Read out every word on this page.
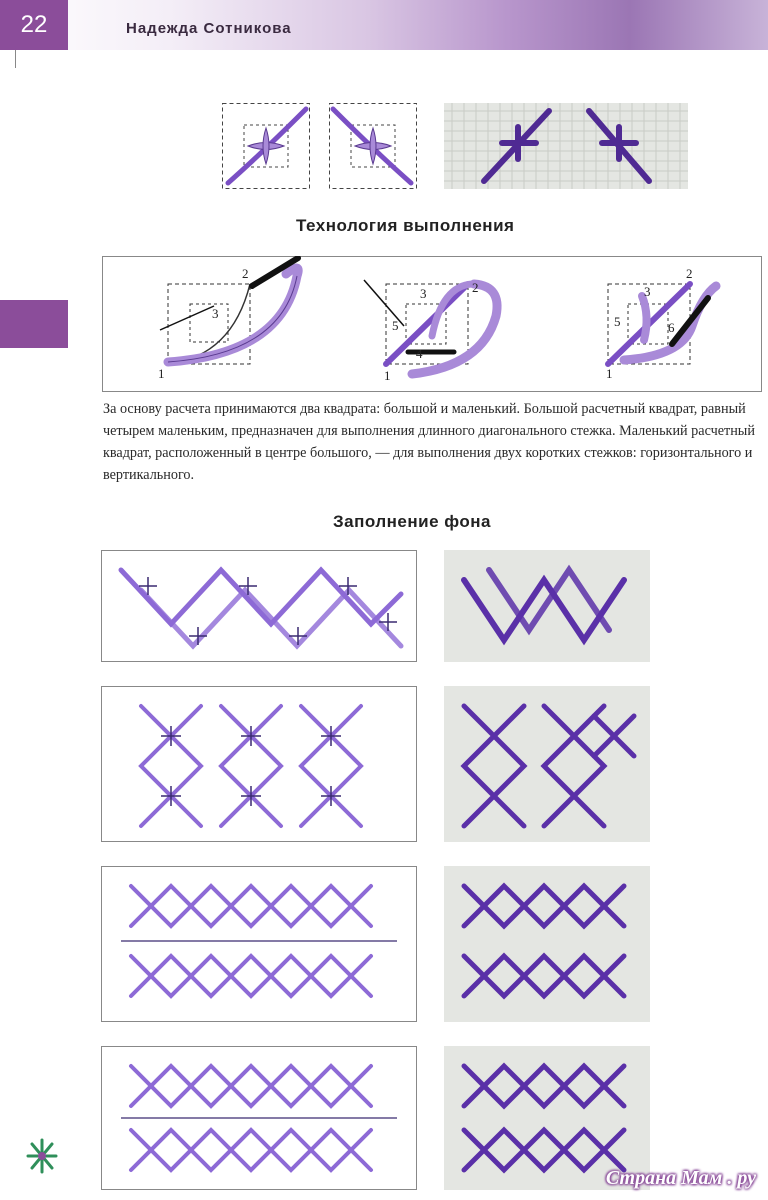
22	Надежда Сотникова
Технология выполнения
2
3
1
3	2
5
4
1
2
3
5	6
1
За основу расчета принимаются два квадрата: большой и маленький. Большой расчетный квадрат, равный четырем маленьким, предназначен для выполнения длинного диагонального стежка. Маленький расчетный квадрат, расположенный в центре большого, — для выполнения двух коротких стежков: горизонтального и вертикального.
Заполнение фона
Страна Мам . ру
